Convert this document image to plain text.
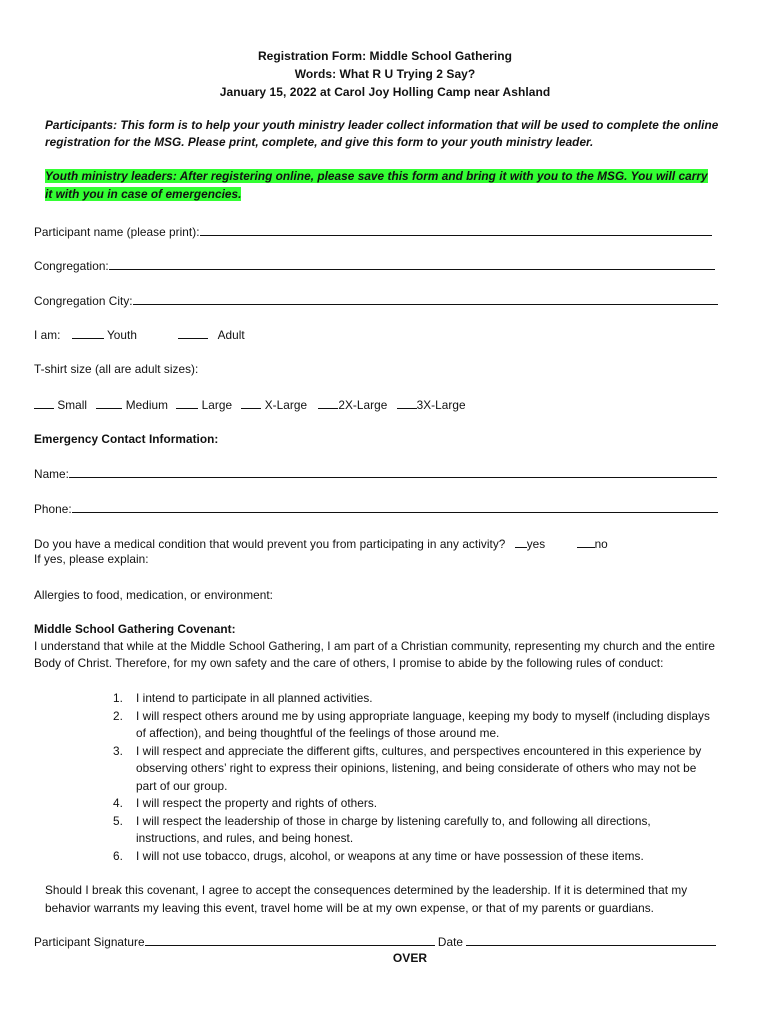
Registration Form: Middle School Gathering
Words: What R U Trying 2 Say?
January 15, 2022 at Carol Joy Holling Camp near Ashland
Participants: This form is to help your youth ministry leader collect information that will be used to complete the online registration for the MSG. Please print, complete, and give this form to your youth ministry leader.
Youth ministry leaders: After registering online, please save this form and bring it with you to the MSG. You will carry
it with you in case of emergencies.
Participant name (please print):
Congregation:
Congregation City:
I am:	Youth	Adult
T-shirt size (all are adult sizes):
Small	Medium	Large	X-Large	2X-Large 3X-Large
Emergency Contact Information:
Name:
Phone:
Do you have a medical condition that would prevent you from participating in any activity? yes	no
If yes, please explain:
Allergies to food, medication, or environment:
Middle School Gathering Covenant:
I understand that while at the Middle School Gathering, I am part of a Christian community, representing my church and the entire Body of Christ. Therefore, for my own safety and the care of others, I promise to abide by the following rules of conduct:
1. I intend to participate in all planned activities.
2. I will respect others around me by using appropriate language, keeping my body to myself (including displays of affection), and being thoughtful of the feelings of those around me.
3. I will respect and appreciate the different gifts, cultures, and perspectives encountered in this experience by observing others’ right to express their opinions, listening, and being considerate of others who may not be part of our group.
4. I will respect the property and rights of others.
5. I will respect the leadership of those in charge by listening carefully to, and following all directions, instructions, and rules, and being honest.
6. I will not use tobacco, drugs, alcohol, or weapons at any time or have possession of these items.
Should I break this covenant, I agree to accept the consequences determined by the leadership. If it is determined that my behavior warrants my leaving this event, travel home will be at my own expense, or that of my parents or guardians.
Participant Signature	Date
OVER
